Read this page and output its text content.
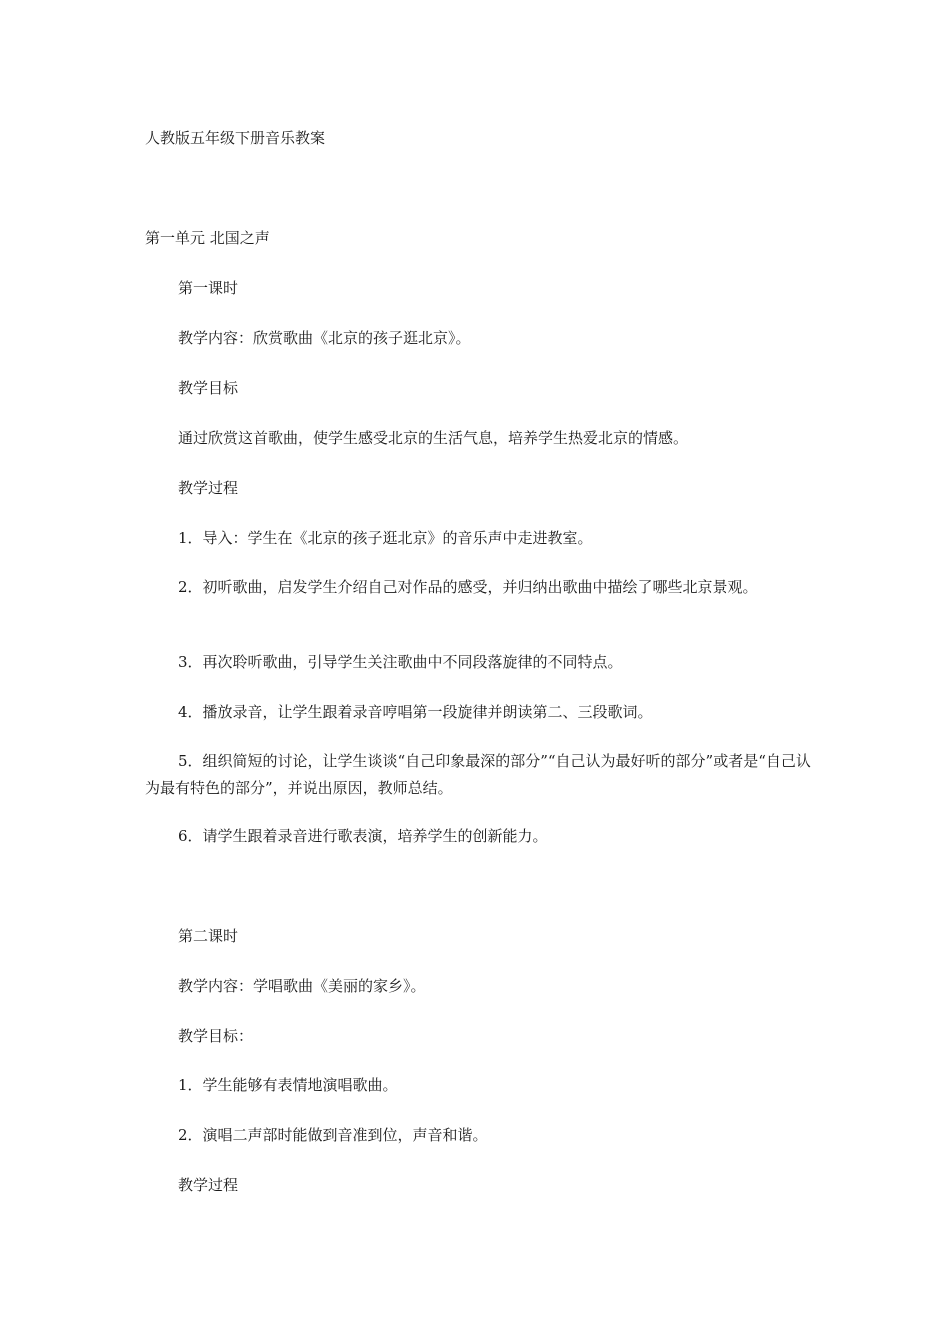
人教版五年级下册音乐教案

第一单元 北国之声

第一课时

教学内容：欣赏歌曲《北京的孩子逛北京》。

教学目标

通过欣赏这首歌曲，使学生感受北京的生活气息，培养学生热爱北京的情感。

教学过程

1．导入：学生在《北京的孩子逛北京》的音乐声中走进教室。

2．初听歌曲，启发学生介绍自己对作品的感受，并归纳出歌曲中描绘了哪些北京景观。

3．再次聆听歌曲，引导学生关注歌曲中不同段落旋律的不同特点。

4．播放录音，让学生跟着录音哼唱第一段旋律并朗读第二、三段歌词。

5．组织简短的讨论，让学生谈谈“自己印象最深的部分”“自己认为最好听的部分”或者是“自己认为最有特色的部分”，并说出原因，教师总结。

6．请学生跟着录音进行歌表演，培养学生的创新能力。

第二课时

教学内容：学唱歌曲《美丽的家乡》。

教学目标：

1．学生能够有表情地演唱歌曲。

2．演唱二声部时能做到音准到位，声音和谐。

教学过程
